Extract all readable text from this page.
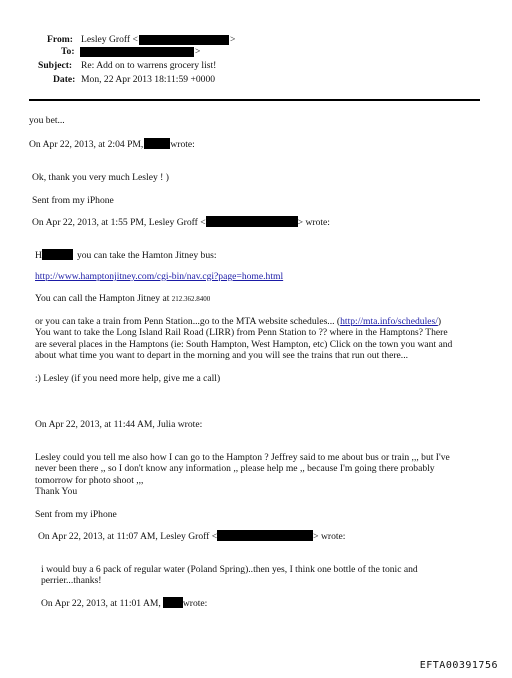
From: Lesley Groff <	>
To:	>
Subject: Re: Add on to warrens grocery list!
Date: Mon, 22 Apr 2013 18:11:59 +0000
you bet...
On Apr 22, 2013, at 2:04 PM,	wrote:
Ok, thank you very much Lesley ! )
Sent from my iPhone
On Apr 22, 2013, at 1:55 PM, Lesley Groff <	> wrote:
H	you can take the Hamton Jitney bus:
http://www.hamptonjitney.com/cgi-bin/nav.cgi?page=home.html
You can call the Hampton Jitney at 212.362.8400
or you can take a train from Penn Station...go to the MTA website schedules... (http://mta.info/schedules/)
You want to take the Long Island Rail Road (LIRR) from Penn Station to ?? where in the Hamptons? There
are several places in the Hamptons (ie: South Hampton, West Hampton, etc) Click on the town you want and
about what time you want to depart in the morning and you will see the trains that run out there...
:) Lesley (if you need more help, give me a call)
On Apr 22, 2013, at 11:44 AM, Julia wrote:
Lesley could you tell me also how I can go to the Hampton ? Jeffrey said to me about bus or train ,,, but I've
never been there ,, so I don't know any information ,, please help me ,, because I'm going there probably
tomorrow for photo shoot ,,,
Thank You
Sent from my iPhone
On Apr 22, 2013, at 11:07 AM, Lesley Groff <	> wrote:
i would buy a 6 pack of regular water (Poland Spring)..then yes, I think one bottle of the tonic and
perrier...thanks!
On Apr 22, 2013, at 11:01 AM, wrote:
EFTA00391756
